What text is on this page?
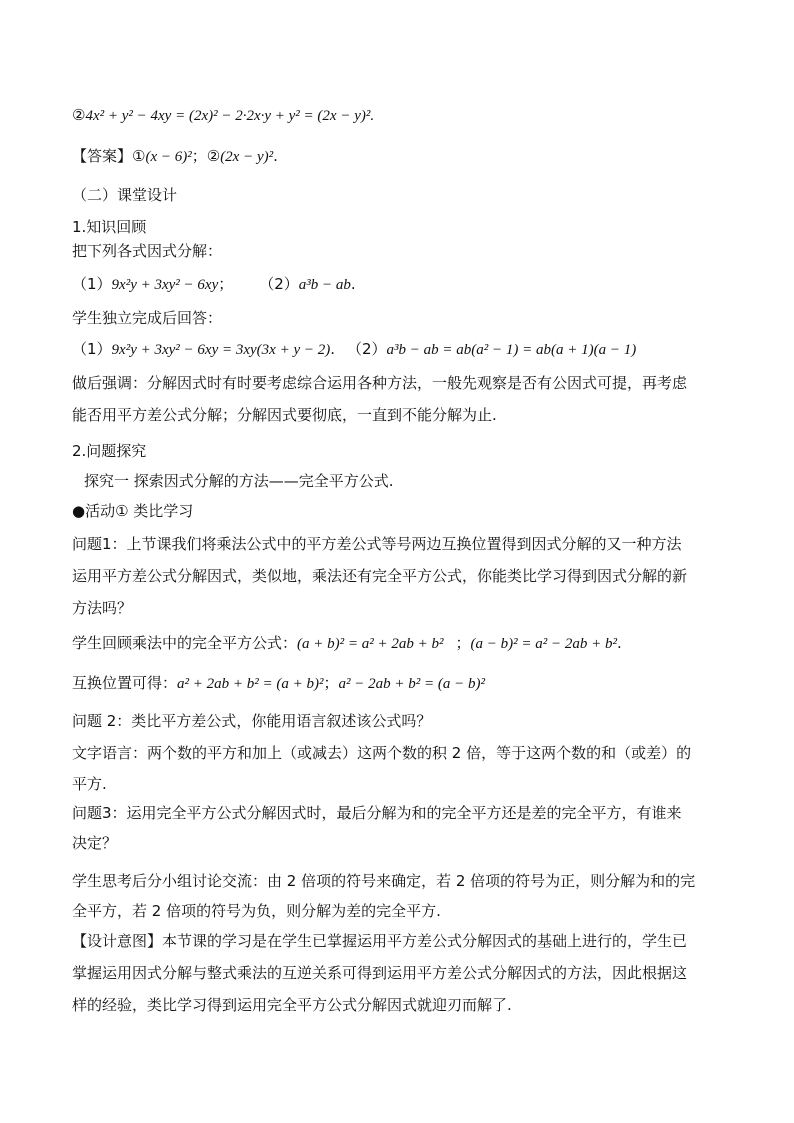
②4x² + y² − 4xy = (2x)² − 2·2x·y + y² = (2x − y)².
【答案】①(x − 6)²；②(2x − y)².
（二）课堂设计
1.知识回顾
把下列各式因式分解：
（1）9x²y + 3xy² − 6xy； （2）a³b − ab.
学生独立完成后回答：
（1）9x²y + 3xy² − 6xy = 3xy(3x + y − 2). （2）a³b − ab = ab(a² − 1) = ab(a + 1)(a − 1)
做后强调：分解因式时有时要考虑综合运用各种方法，一般先观察是否有公因式可提，再考虑
能否用平方差公式分解；分解因式要彻底，一直到不能分解为止.
2.问题探究
探究一 探索因式分解的方法——完全平方公式.
●活动① 类比学习
问题1：上节课我们将乘法公式中的平方差公式等号两边互换位置得到因式分解的又一种方法
运用平方差公式分解因式，类似地，乘法还有完全平方公式，你能类比学习得到因式分解的新
方法吗？
学生回顾乘法中的完全平方公式：(a + b)² = a² + 2ab + b² ；(a − b)² = a² − 2ab + b².
互换位置可得：a² + 2ab + b² = (a + b)²；a² − 2ab + b² = (a − b)²
问题 2：类比平方差公式，你能用语言叙述该公式吗？
文字语言：两个数的平方和加上（或减去）这两个数的积 2 倍，等于这两个数的和（或差）的
平方.
问题3：运用完全平方公式分解因式时，最后分解为和的完全平方还是差的完全平方，有谁来
决定？
学生思考后分小组讨论交流：由 2 倍项的符号来确定，若 2 倍项的符号为正，则分解为和的完
全平方，若 2 倍项的符号为负，则分解为差的完全平方.
【设计意图】本节课的学习是在学生已掌握运用平方差公式分解因式的基础上进行的，学生已
掌握运用因式分解与整式乘法的互逆关系可得到运用平方差公式分解因式的方法，因此根据这
样的经验，类比学习得到运用完全平方公式分解因式就迎刃而解了.
